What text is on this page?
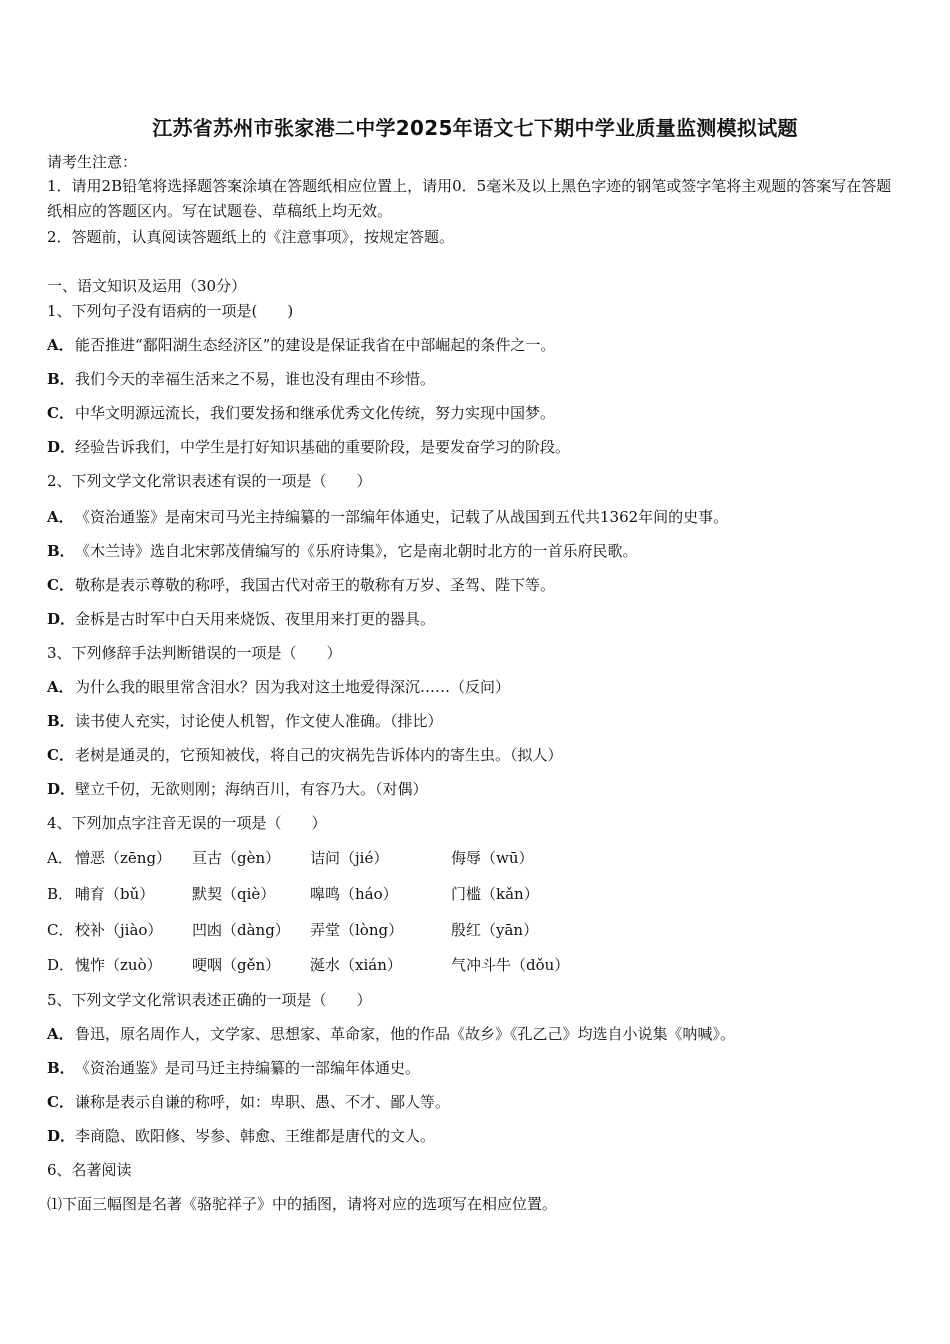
江苏省苏州市张家港二中学2025年语文七下期中学业质量监测模拟试题
请考生注意：
1．请用2B铅笔将选择题答案涂填在答题纸相应位置上，请用0．5毫米及以上黑色字迹的钢笔或签字笔将主观题的答案写在答题纸相应的答题区内。写在试题卷、草稿纸上均无效。
2．答题前，认真阅读答题纸上的《注意事项》，按规定答题。
一、语文知识及运用（30分）
1、下列句子没有语病的一项是(　　)
A．能否推进“鄱阳湖生态经济区”的建设是保证我省在中部崛起的条件之一。
B．我们今天的幸福生活来之不易，谁也没有理由不珍惜。
C．中华文明源远流长，我们要发扬和继承优秀文化传统，努力实现中国梦。
D．经验告诉我们，中学生是打好知识基础的重要阶段，是要发奋学习的阶段。
2、下列文学文化常识表述有误的一项是（　　）
A．《资治通鉴》是南宋司马光主持编纂的一部编年体通史，记载了从战国到五代共1362年间的史事。
B．《木兰诗》选自北宋郭茂倩编写的《乐府诗集》，它是南北朝时北方的一首乐府民歌。
C．敬称是表示尊敬的称呼，我国古代对帝王的敬称有万岁、圣驾、陛下等。
D．金柝是古时军中白天用来烧饭、夜里用来打更的器具。
3、下列修辞手法判断错误的一项是（　　）
A．为什么我的眼里常含泪水？因为我对这土地爱得深沉……（反问）
B．读书使人充实，讨论使人机智，作文使人准确。（排比）
C．老树是通灵的，它预知被伐，将自己的灾祸先告诉体内的寄生虫。（拟人）
D．壁立千仞，无欲则刚；海纳百川，有容乃大。（对偶）
4、下列加点字注音无误的一项是（　　）
A． 憎恶（zēng） 亘古（gèn） 诘问（jié）	侮辱（wū）
B． 哺育（bǔ）	默契（qiè） 嗥鸣（háo）	门槛（kǎn）
C． 校补（jiào） 凹凼（dàng） 弄堂（lòng）	殷红（yān）
D． 愧怍（zuò） 哽咽（gěn） 涎水（xián）	气冲斗牛（dǒu）
5、下列文学文化常识表述正确的一项是（　　）
A．鲁迅，原名周作人，文学家、思想家、革命家，他的作品《故乡》《孔乙己》均选自小说集《呐喊》。
B．《资治通鉴》是司马迁主持编纂的一部编年体通史。
C．谦称是表示自谦的称呼，如：卑职、愚、不才、鄙人等。
D．李商隐、欧阳修、岑参、韩愈、王维都是唐代的文人。
6、名著阅读
⑴下面三幅图是名著《骆驼祥子》中的插图，请将对应的选项写在相应位置。
